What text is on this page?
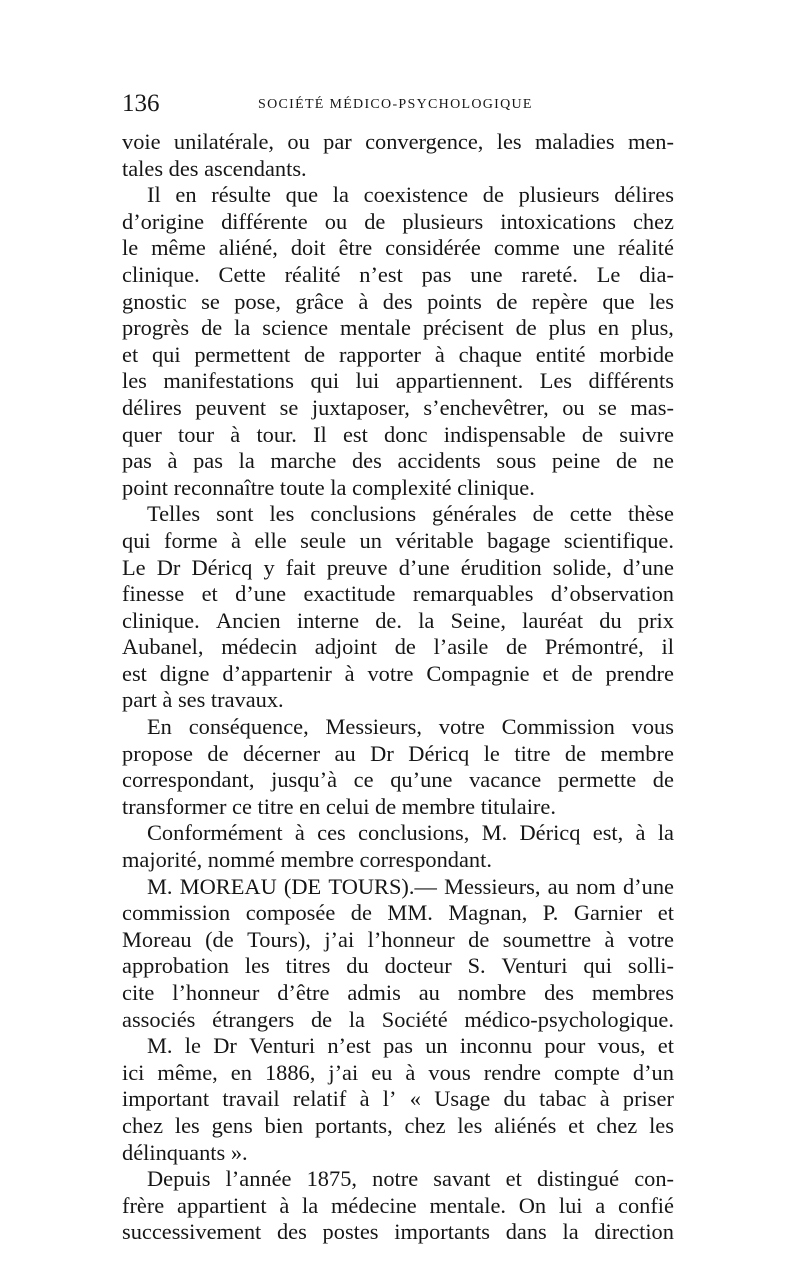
136	SOCIÉTÉ MÉDICO-PSYCHOLOGIQUE
voie unilatérale, ou par convergence, les maladies men-
tales des ascendants.
Il en résulte que la coexistence de plusieurs délires
d’origine différente ou de plusieurs intoxications chez
le même aliéné, doit être considérée comme une réalité
clinique. Cette réalité n’est pas une rareté. Le dia-
gnostic se pose, grâce à des points de repère que les
progrès de la science mentale précisent de plus en plus,
et qui permettent de rapporter à chaque entité morbide
les manifestations qui lui appartiennent. Les différents
délires peuvent se juxtaposer, s’enchevêtrer, ou se mas-
quer tour à tour. Il est donc indispensable de suivre
pas à pas la marche des accidents sous peine de ne
point reconnaître toute la complexité clinique.
Telles sont les conclusions générales de cette thèse
qui forme à elle seule un véritable bagage scientifique.
Le Dr Déricq y fait preuve d’une érudition solide, d’une
finesse et d’une exactitude remarquables d’observation
clinique. Ancien interne de. la Seine, lauréat du prix
Aubanel, médecin adjoint de l’asile de Prémontré, il
est digne d’appartenir à votre Compagnie et de prendre
part à ses travaux.
En conséquence, Messieurs, votre Commission vous
propose de décerner au Dr Déricq le titre de membre
correspondant, jusqu’à ce qu’une vacance permette de
transformer ce titre en celui de membre titulaire.
Conformément à ces conclusions, M. Déricq est, à la
majorité, nommé membre correspondant.
M. MOREAU (DE TOURS).— Messieurs, au nom d’une
commission composée de MM. Magnan, P. Garnier et
Moreau (de Tours), j’ai l’honneur de soumettre à votre
approbation les titres du docteur S. Venturi qui solli-
cite l’honneur d’être admis au nombre des membres
associés étrangers de la Société médico-psychologique.
M. le Dr Venturi n’est pas un inconnu pour vous, et
ici même, en 1886, j’ai eu à vous rendre compte d’un
important travail relatif à l’ « Usage du tabac à priser
chez les gens bien portants, chez les aliénés et chez les
délinquants ».
Depuis l’année 1875, notre savant et distingué con-
frère appartient à la médecine mentale. On lui a confié
successivement des postes importants dans la direction
